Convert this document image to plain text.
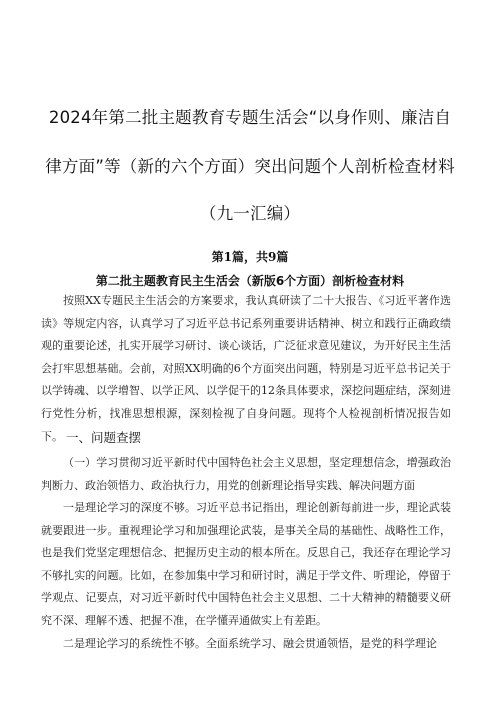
2024年第二批主题教育专题生活会“以身作则、廉洁自
律方面”等（新的六个方面）突出问题个人剖析检查材料
（九一汇编）
第1篇，共9篇
第二批主题教育民主生活会（新版6个方面）剖析检查材料
按照XX专题民主生活会的方案要求，我认真研读了二十大报告、《习近平著作选读》等规定内容，认真学习了习近平总书记系列重要讲话精神、树立和践行正确政绩观的重要论述，扎实开展学习研讨、谈心谈话，广泛征求意见建议，为开好民主生活会打牢思想基础。会前，对照XX明确的6个方面突出问题，特别是习近平总书记关于以学铸魂、以学增智、以学正风、以学促干的12条具体要求，深挖问题症结，深刻进行党性分析，找准思想根源，深刻检视了自身问题。现将个人检视剖析情况报告如下。 一、问题查摆
（一）学习贯彻习近平新时代中国特色社会主义思想，坚定理想信念，增强政治判断力、政治领悟力、政治执行力，用党的创新理论指导实践、解决问题方面
一是理论学习的深度不够。习近平总书记指出，理论创新每前进一步，理论武装就要跟进一步。重视理论学习和加强理论武装，是事关全局的基础性、战略性工作，也是我们党坚定理想信念、把握历史主动的根本所在。反思自己，我还存在理论学习不够扎实的问题。比如，在参加集中学习和研讨时，满足于学文件、听理论，停留于学观点、记要点，对习近平新时代中国特色社会主义思想、二十大精神的精髓要义研究不深、理解不透、把握不准，在学懂弄通做实上有差距。
二是理论学习的系统性不够。全面系统学习、融会贯通领悟，是党的科学理论
